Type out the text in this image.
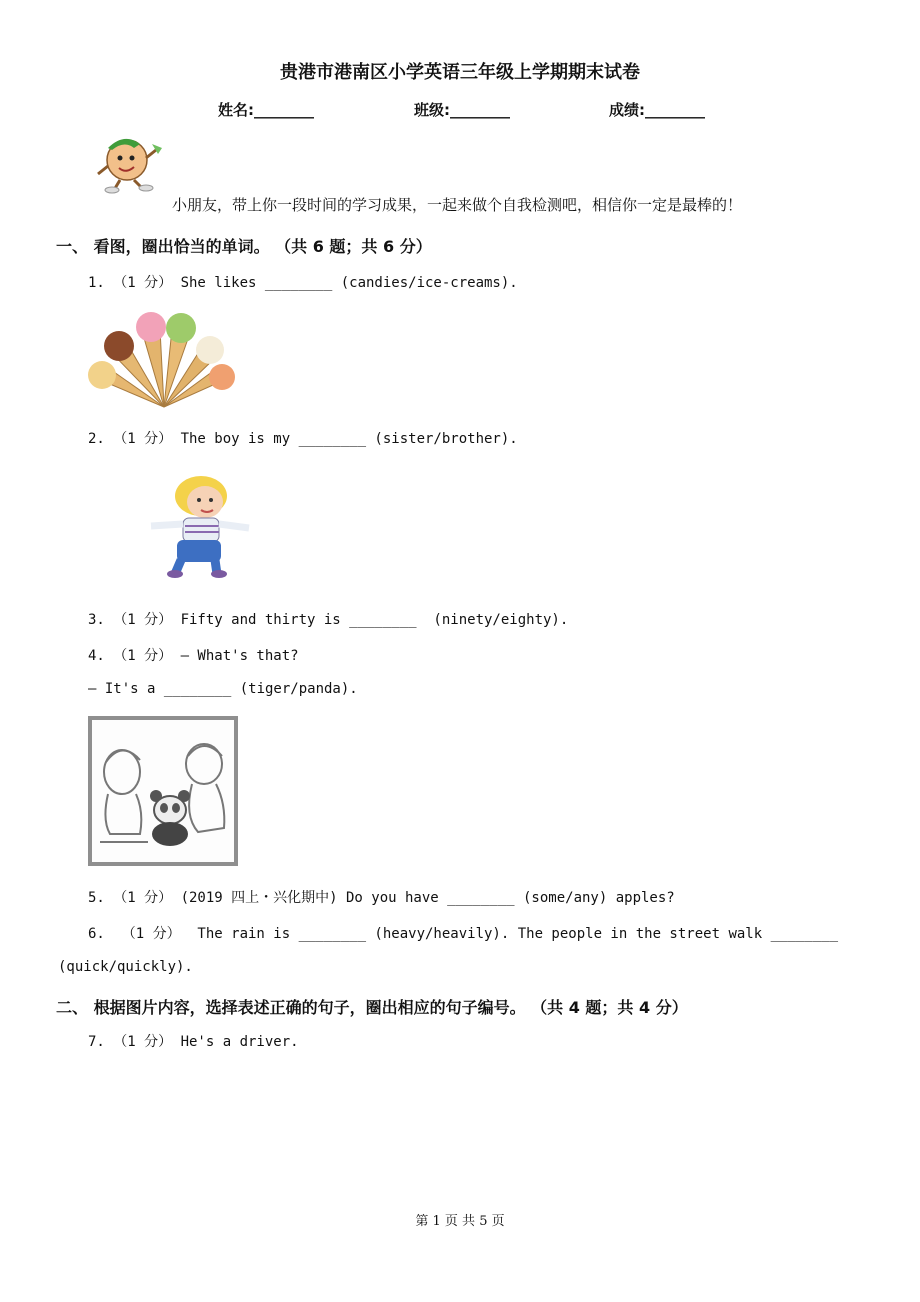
贵港市港南区小学英语三年级上学期期末试卷
姓名:________	班级:________	成绩:________
小朋友，带上你一段时间的学习成果，一起来做个自我检测吧，相信你一定是最棒的！
一、 看图，圈出恰当的单词。 （共 6 题；共 6 分）
1. （1 分） She likes ________ (candies/ice-creams).
2. （1 分） The boy is my ________ (sister/brother).
3. （1 分） Fifty and thirty is ________  (ninety/eighty).
4. （1 分） — What's that?
— It's a ________ (tiger/panda).
5. （1 分） (2019 四上・兴化期中) Do you have ________ (some/any) apples?
6.  （1 分）  The rain is ________ (heavy/heavily). The people in the street walk ________
(quick/quickly).
二、 根据图片内容，选择表述正确的句子，圈出相应的句子编号。 （共 4 题；共 4 分）
7. （1 分） He's a driver.
第 1 页 共 5 页
